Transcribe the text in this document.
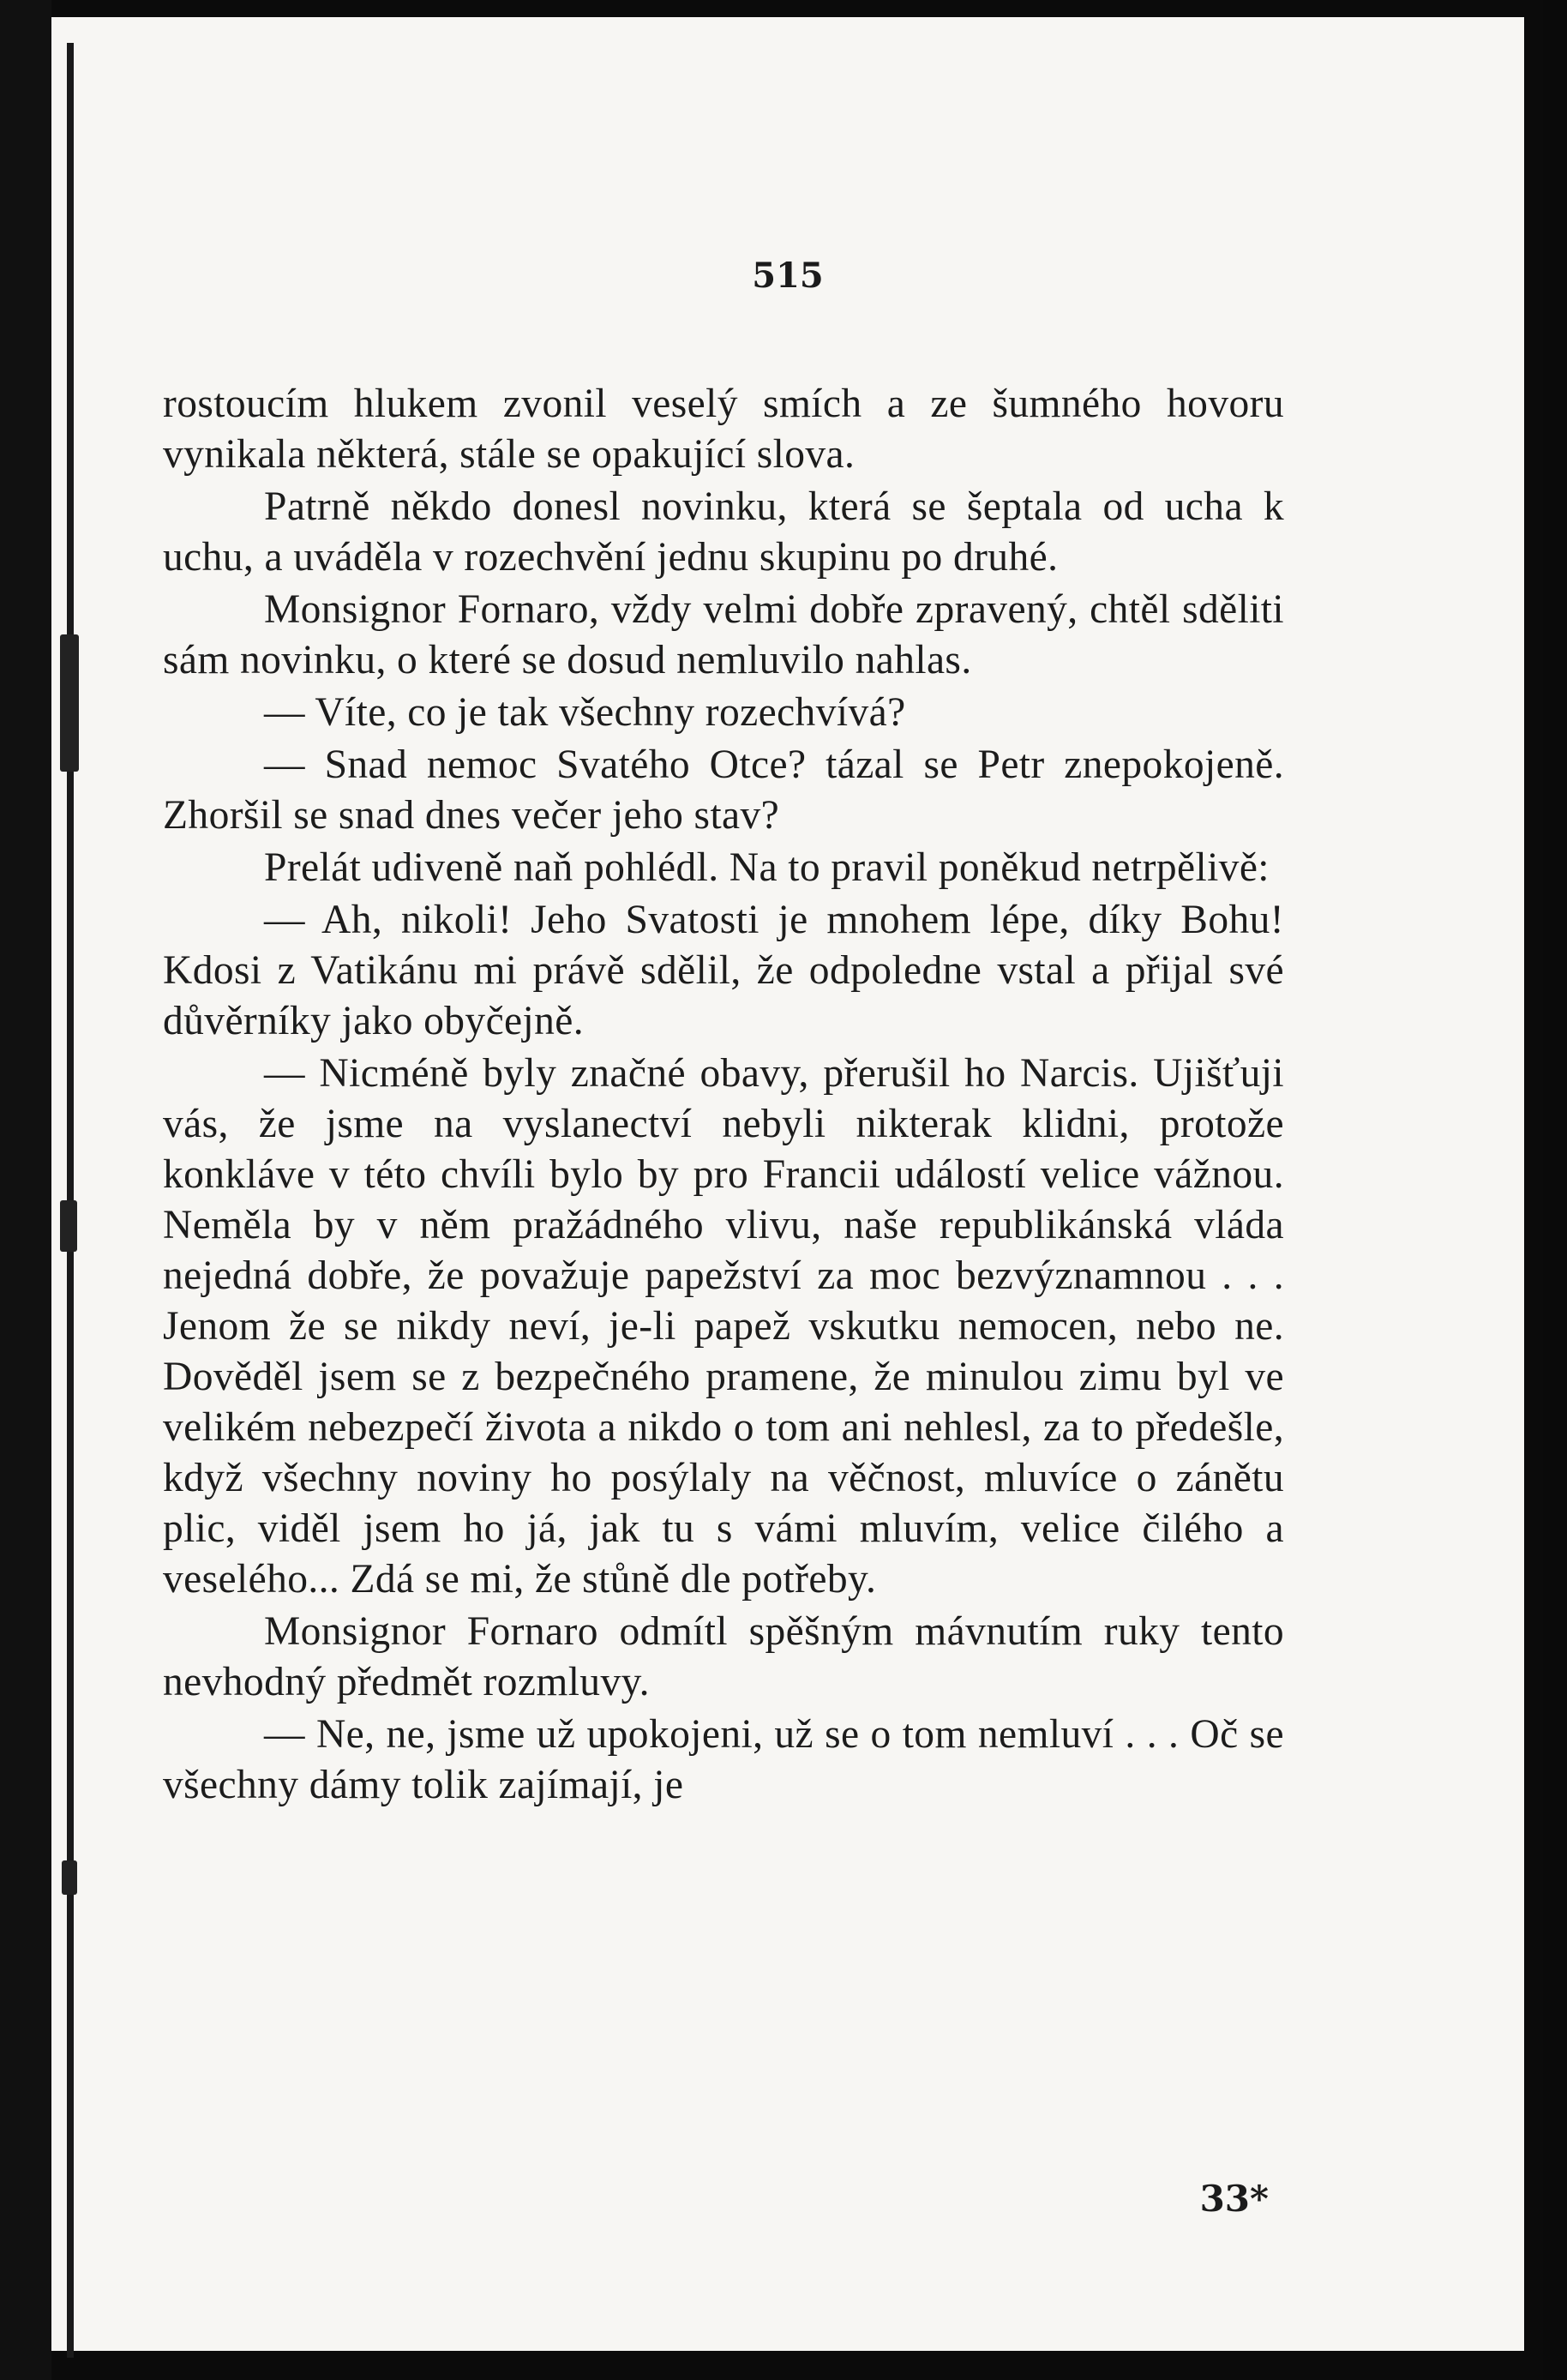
515

rostoucím hlukem zvonil veselý smích a ze šumného hovoru vynikala některá, stále se opakující slova.

Patrně někdo donesl novinku, která se šeptala od ucha k uchu, a uváděla v rozechvění jednu skupinu po druhé.

Monsignor Fornaro, vždy velmi dobře zpravený, chtěl sděliti sám novinku, o které se dosud nemluvilo nahlas.

— Víte, co je tak všechny rozechvívá?

— Snad nemoc Svatého Otce? tázal se Petr znepokojeně. Zhoršil se snad dnes večer jeho stav?

Prelát udiveně naň pohlédl. Na to pravil poněkud netrpělivě:

— Ah, nikoli! Jeho Svatosti je mnohem lépe, díky Bohu! Kdosi z Vatikánu mi právě sdělil, že odpoledne vstal a přijal své důvěrníky jako obyčejně.

— Nicméně byly značné obavy, přerušil ho Narcis. Ujišťuji vás, že jsme na vyslanectví nebyli nikterak klidni, protože konkláve v této chvíli bylo by pro Francii událostí velice vážnou. Neměla by v něm pražádného vlivu, naše republikánská vláda nejedná dobře, že považuje papežství za moc bezvýznamnou . . . Jenom že se nikdy neví, je-li papež vskutku nemocen, nebo ne. Dověděl jsem se z bezpečného pramene, že minulou zimu byl ve velikém nebezpečí života a nikdo o tom ani nehlesl, za to předešle, když všechny noviny ho posýlaly na věčnost, mluvíce o zánětu plic, viděl jsem ho já, jak tu s vámi mluvím, velice čilého a veselého... Zdá se mi, že stůně dle potřeby.

Monsignor Fornaro odmítl spěšným mávnutím ruky tento nevhodný předmět rozmluvy.

— Ne, ne, jsme už upokojeni, už se o tom nemluví . . . Oč se všechny dámy tolik zajímají, je

33*
